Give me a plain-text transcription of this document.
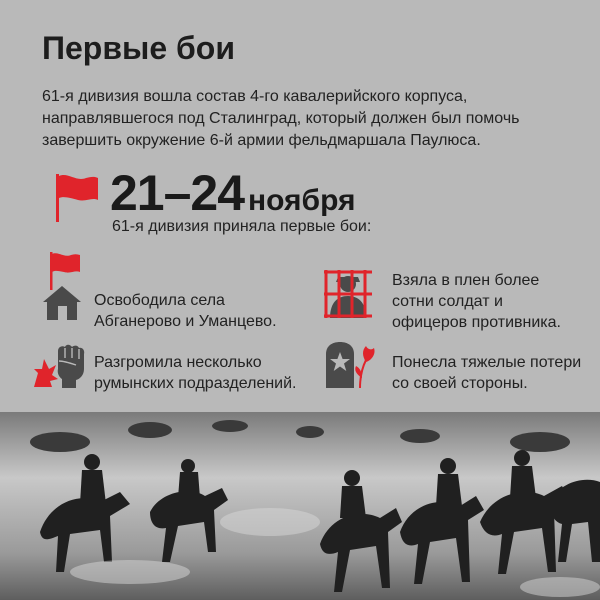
Первые бои
61-я дивизия вошла состав 4-го кавалерийского корпуса, направлявшегося под Сталинград, который должен был помочь завершить окружение 6-й армии фельдмаршала Паулюса.
21–24 ноября
61-я дивизия приняла первые бои:
Освободила села Абганерово и Уманцево.
Взяла в плен более сотни солдат и офицеров противника.
Разгромила несколько румынских подразделений.
Понесла тяжелые потери со своей стороны.
